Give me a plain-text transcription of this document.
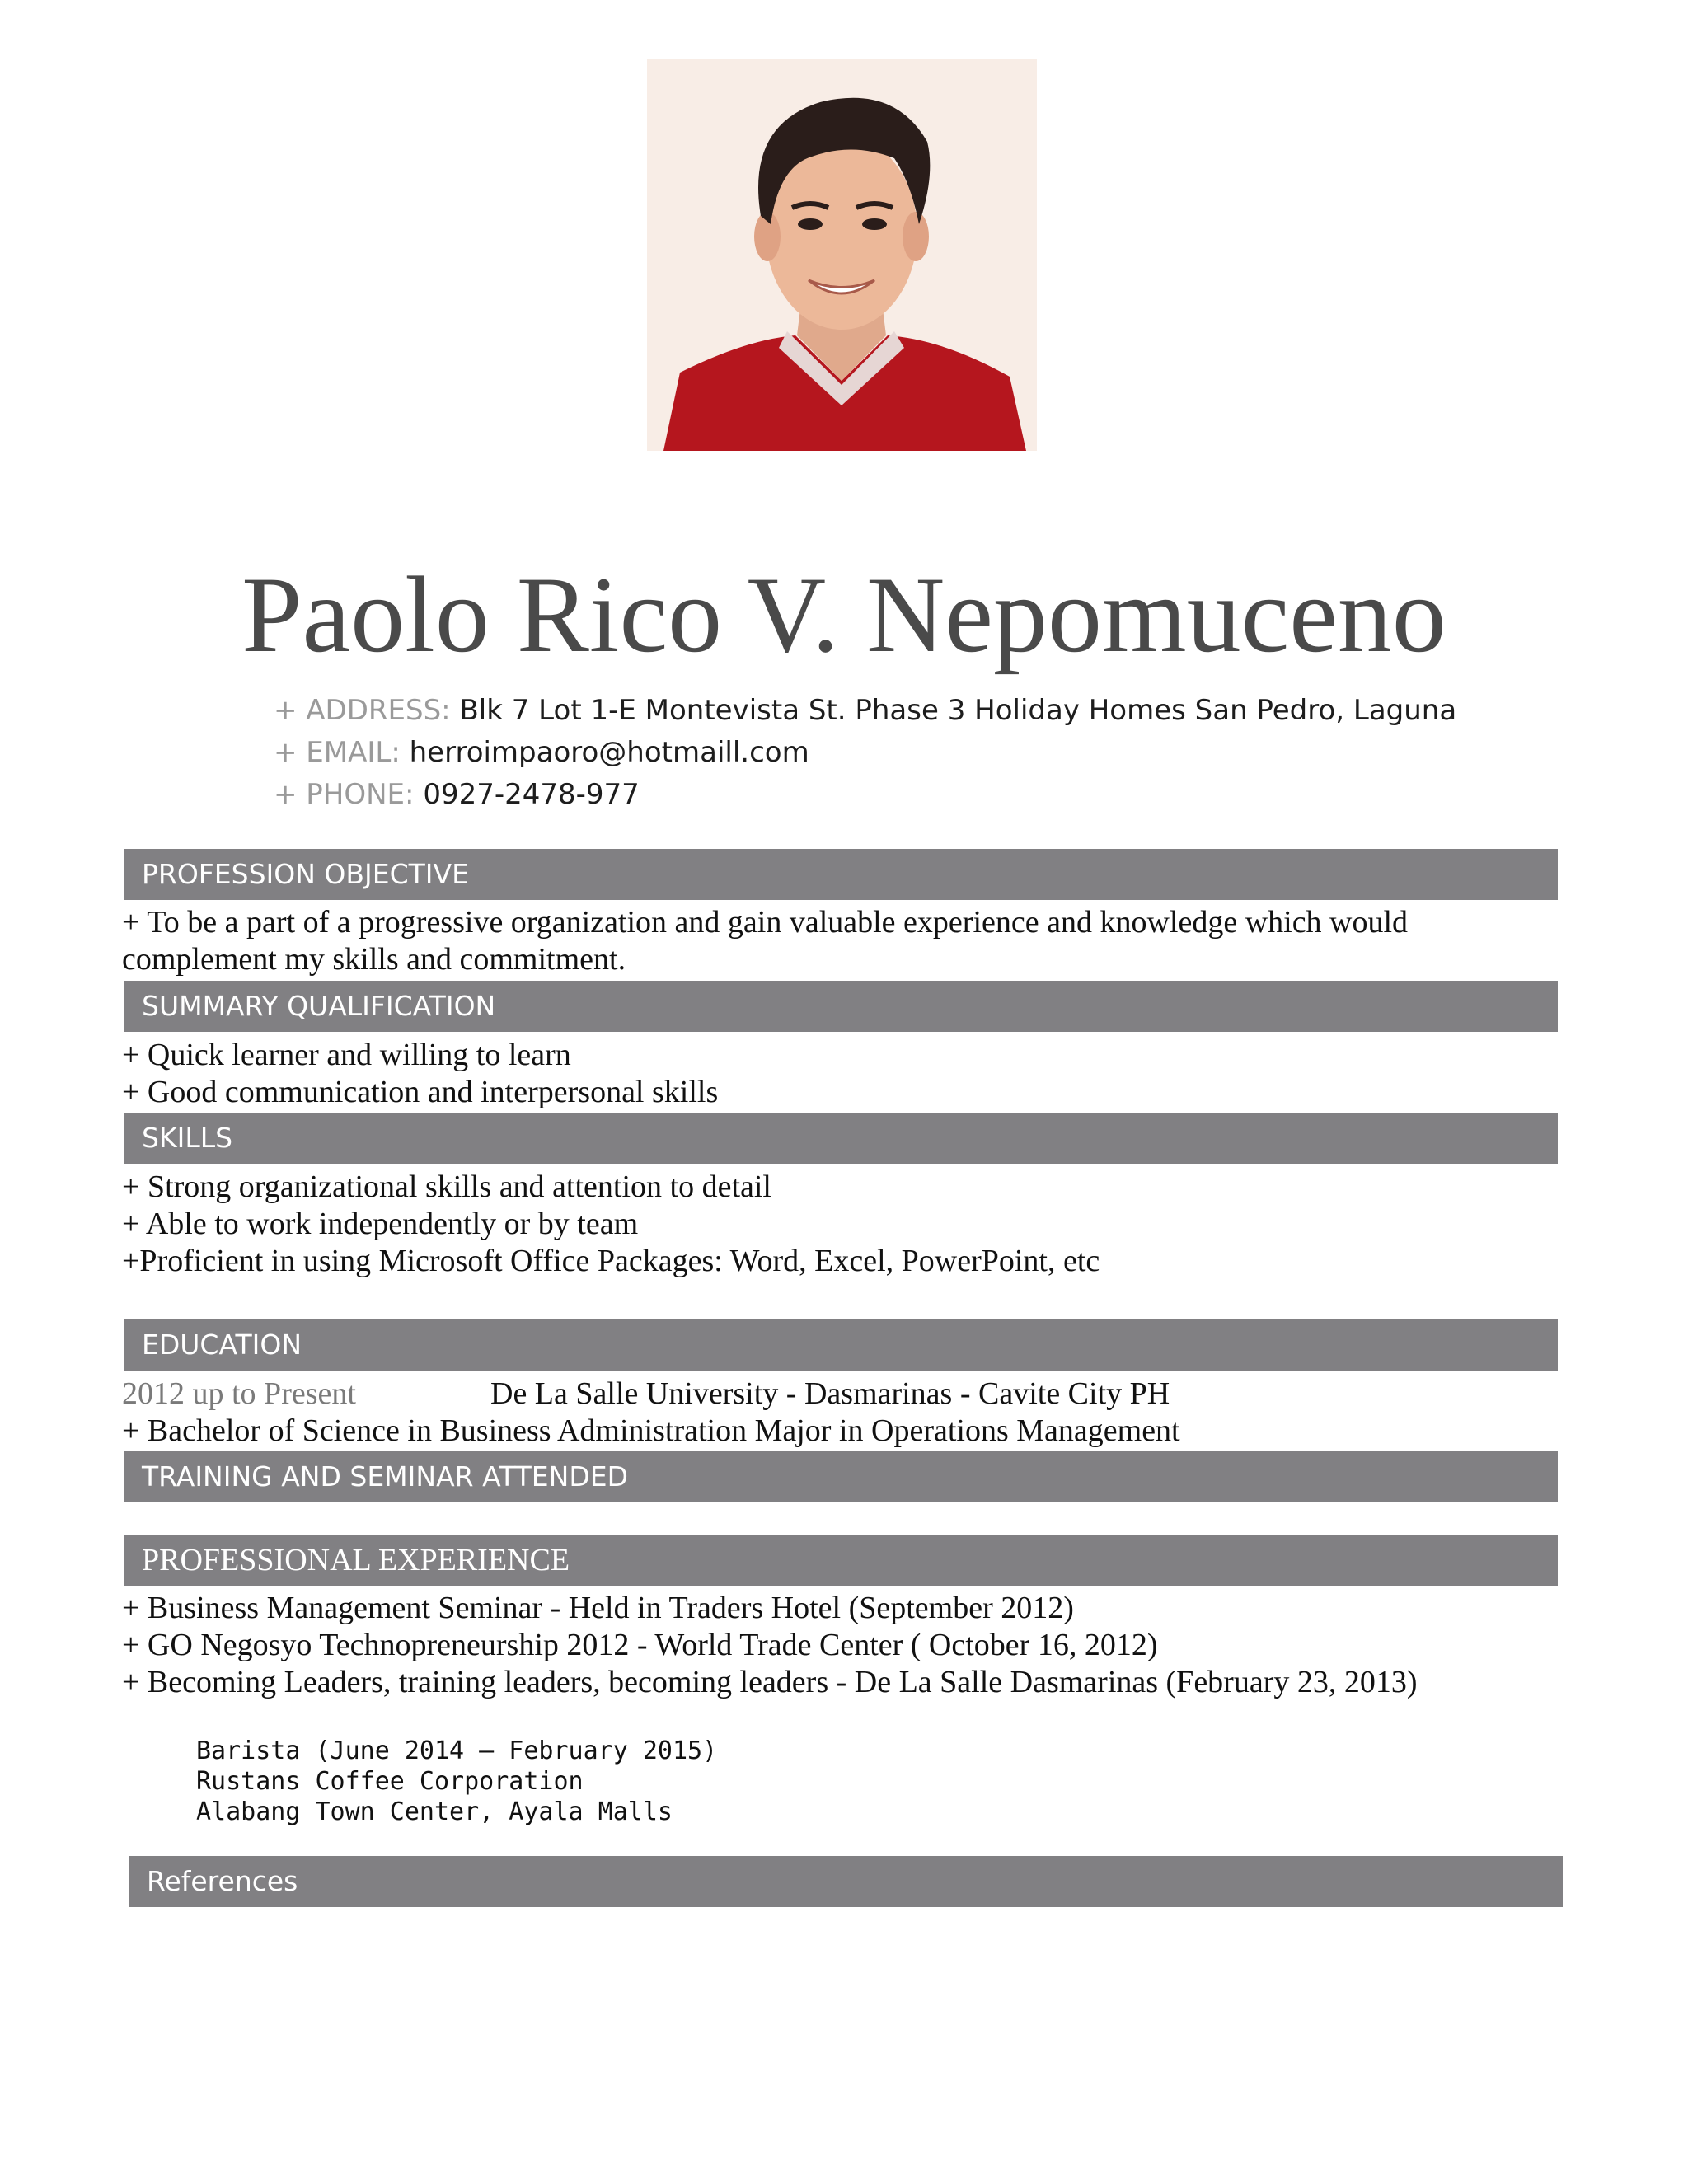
Paolo Rico V. Nepomuceno
+ ADDRESS: Blk 7 Lot 1-E Montevista St. Phase 3 Holiday Homes San Pedro, Laguna
+ EMAIL: herroimpaoro@hotmaill.com
+ PHONE: 0927-2478-977
PROFESSION OBJECTIVE
+ To be a part of a progressive organization and gain valuable experience and knowledge which would
complement my skills and commitment.
SUMMARY QUALIFICATION
+ Quick learner and willing to learn
+ Good communication and interpersonal skills
SKILLS
+ Strong organizational skills and attention to detail
+ Able to work independently or by team
+Proficient in using Microsoft Office Packages: Word, Excel, PowerPoint, etc
EDUCATION
2012 up to Present	De La Salle University - Dasmarinas - Cavite City PH
+ Bachelor of Science in Business Administration Major in Operations Management
TRAINING AND SEMINAR ATTENDED
PROFESSIONAL EXPERIENCE
+ Business Management Seminar - Held in Traders Hotel (September 2012)
+ GO Negosyo Technopreneurship 2012 - World Trade Center ( October 16, 2012)
+ Becoming Leaders, training leaders, becoming leaders - De La Salle Dasmarinas (February 23, 2013)
Barista (June 2014 – February 2015)
Rustans Coffee Corporation
Alabang Town Center, Ayala Malls
References
